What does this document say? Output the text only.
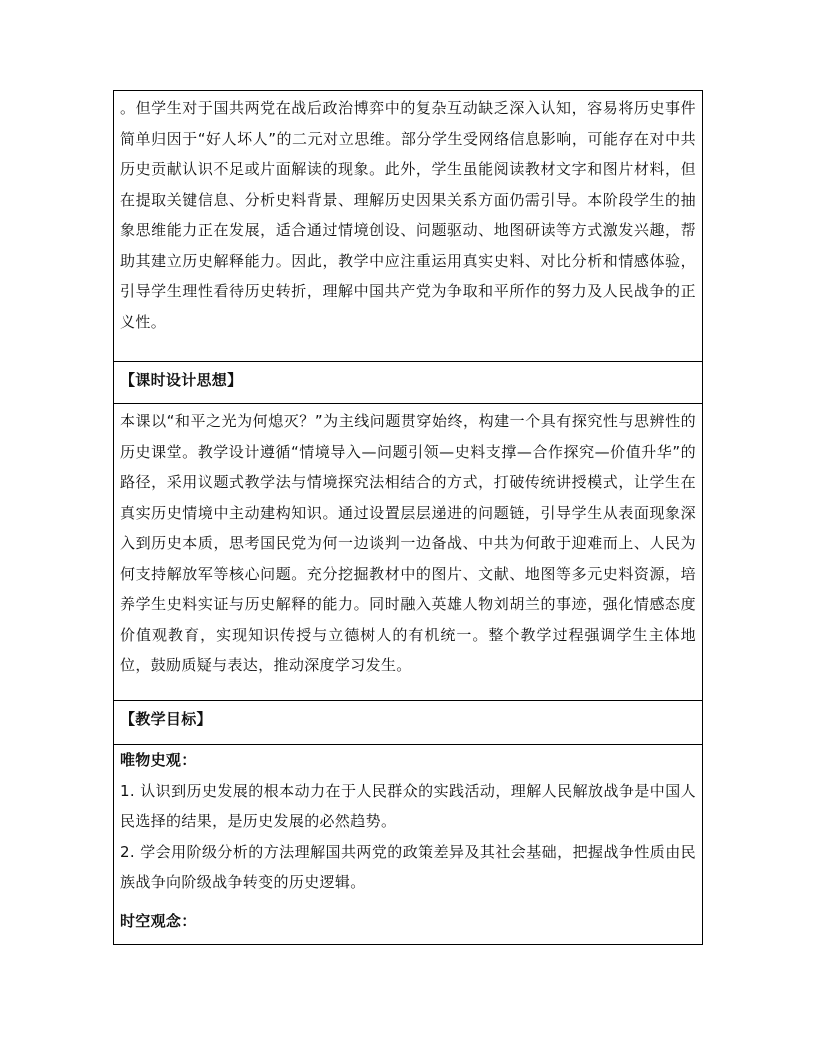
。但学生对于国共两党在战后政治博弈中的复杂互动缺乏深入认知，容易将历史事件简单归因于“好人坏人”的二元对立思维。部分学生受网络信息影响，可能存在对中共历史贡献认识不足或片面解读的现象。此外，学生虽能阅读教材文字和图片材料，但在提取关键信息、分析史料背景、理解历史因果关系方面仍需引导。本阶段学生的抽象思维能力正在发展，适合通过情境创设、问题驱动、地图研读等方式激发兴趣，帮助其建立历史解释能力。因此，教学中应注重运用真实史料、对比分析和情感体验，引导学生理性看待历史转折，理解中国共产党为争取和平所作的努力及人民战争的正义性。

【课时设计思想】

本课以“和平之光为何熄灭？”为主线问题贯穿始终，构建一个具有探究性与思辨性的历史课堂。教学设计遵循“情境导入—问题引领—史料支撑—合作探究—价值升华”的路径，采用议题式教学法与情境探究法相结合的方式，打破传统讲授模式，让学生在真实历史情境中主动建构知识。通过设置层层递进的问题链，引导学生从表面现象深入到历史本质，思考国民党为何一边谈判一边备战、中共为何敢于迎难而上、人民为何支持解放军等核心问题。充分挖掘教材中的图片、文献、地图等多元史料资源，培养学生史料实证与历史解释的能力。同时融入英雄人物刘胡兰的事迹，强化情感态度价值观教育，实现知识传授与立德树人的有机统一。整个教学过程强调学生主体地位，鼓励质疑与表达，推动深度学习发生。

【教学目标】

唯物史观：

1. 认识到历史发展的根本动力在于人民群众的实践活动，理解人民解放战争是中国人民选择的结果，是历史发展的必然趋势。

2. 学会用阶级分析的方法理解国共两党的政策差异及其社会基础，把握战争性质由民族战争向阶级战争转变的历史逻辑。

时空观念：
